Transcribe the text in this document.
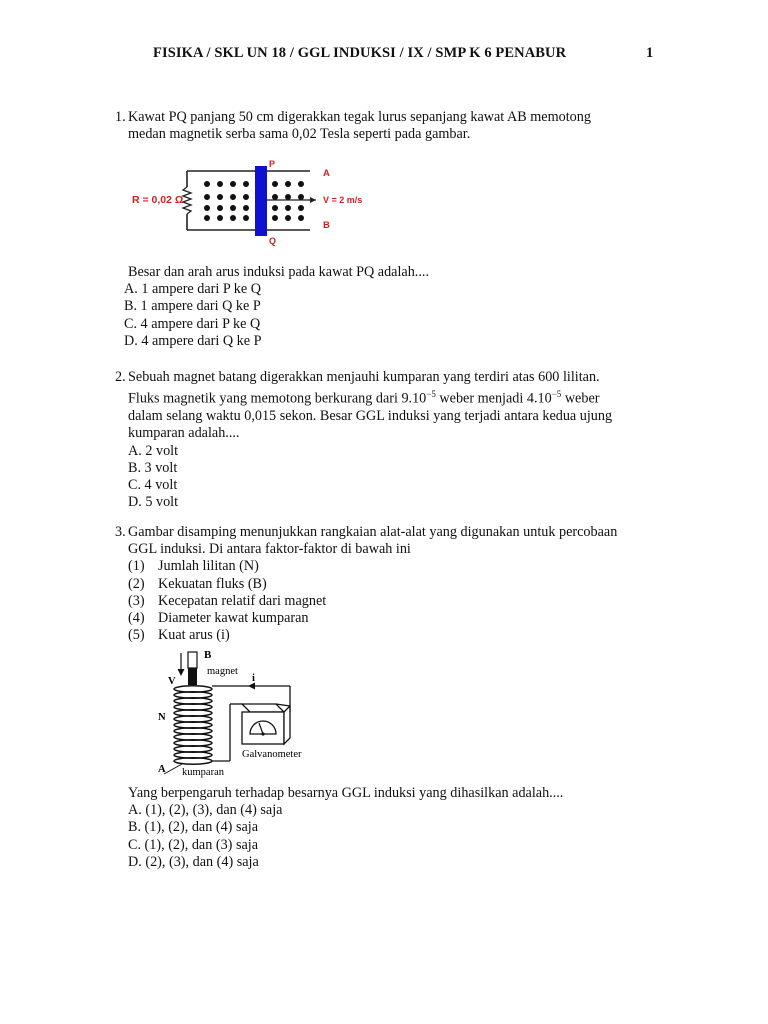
FISIKA / SKL UN 18 / GGL INDUKSI / IX / SMP K 6 PENABUR	1
1. Kawat PQ panjang 50 cm digerakkan tegak lurus sepanjang kawat AB memotong
medan magnetik serba sama 0,02 Tesla seperti pada gambar.
R = 0,02 Ω
P
Q
A
B
V = 2 m/s
Besar dan arah arus induksi pada kawat PQ adalah....
A. 1 ampere dari P ke Q
B. 1 ampere dari Q ke P
C. 4 ampere dari P ke Q
D. 4 ampere dari Q ke P
2. Sebuah magnet batang digerakkan menjauhi kumparan yang terdiri atas 600 lilitan.
Fluks magnetik yang memotong berkurang dari $9.10^{-5}$ weber menjadi $4.10^{-5}$ weber
dalam selang waktu 0,015 sekon. Besar GGL induksi yang terjadi antara kedua ujung
kumparan adalah....
A. 2 volt
B. 3 volt
C. 4 volt
D. 5 volt
3. Gambar disamping menunjukkan rangkaian alat-alat yang digunakan untuk percobaan
GGL induksi. Di antara faktor-faktor di bawah ini
(1) Jumlah lilitan (N)
(2) Kekuatan fluks (B)
(3) Kecepatan relatif dari magnet
(4) Diameter kawat kumparan
(5) Kuat arus (i)
B
magnet
V
N
i
Galvanometer
A kumparan
Yang berpengaruh terhadap besarnya GGL induksi yang dihasilkan adalah....
A. (1), (2), (3), dan (4) saja
B. (1), (2), dan (4) saja
C. (1), (2), dan (3) saja
D. (2), (3), dan (4) saja
